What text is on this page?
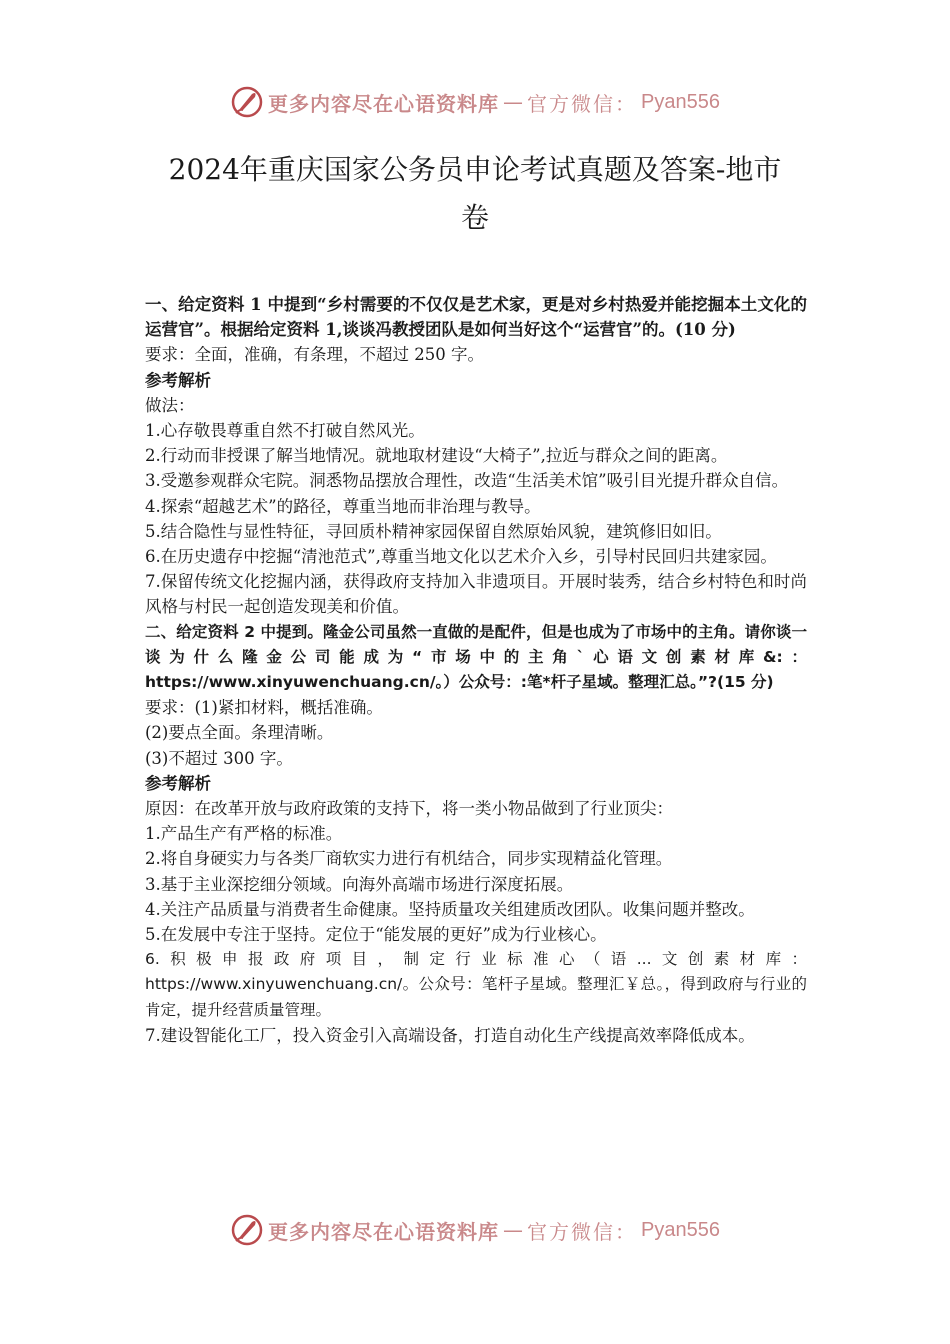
更多内容尽在心语资料库 — 官方微信： Pyan556
2024年重庆国家公务员申论考试真题及答案-地市
卷

一、给定资料 1 中提到“乡村需要的不仅仅是艺术家，更是对乡村热爱并能挖掘本土文化的运营官”。根据给定资料 1,谈谈冯教授团队是如何当好这个“运营官”的。(10 分)

要求：全面，准确，有条理，不超过 250 字。

参考解析

做法：

1.心存敬畏尊重自然不打破自然风光。

2.行动而非授课了解当地情况。就地取材建设“大椅子”,拉近与群众之间的距离。

3.受邀参观群众宅院。洞悉物品摆放合理性，改造“生活美术馆”吸引目光提升群众自信。

4.探索“超越艺术”的路径，尊重当地而非治理与教导。

5.结合隐性与显性特征，寻回质朴精神家园保留自然原始风貌，建筑修旧如旧。

6.在历史遗存中挖掘“清池范式”,尊重当地文化以艺术介入乡，引导村民回归共建家园。

7.保留传统文化挖掘内涵，获得政府支持加入非遗项目。开展时装秀，结合乡村特色和时尚风格与村民一起创造发现美和价值。

二、给定资料 2 中提到。隆金公司虽然一直做的是配件，但是也成为了市场中的主角。请你谈一谈为什么隆金公司能成为“市场中的主角`心语文创素材库&:：https://www.xinyuwenchuang.cn/。）公众号：:笔*杆子星域。整理汇总。”?(15 分)

要求：(1)紧扣材料，概括准确。

(2)要点全面。条理清晰。

(3)不超过 300 字。

参考解析

原因：在改革开放与政府政策的支持下，将一类小物品做到了行业顶尖：

1.产品生产有严格的标准。

2.将自身硬实力与各类厂商软实力进行有机结合，同步实现精益化管理。

3.基于主业深挖细分领域。向海外高端市场进行深度拓展。

4.关注产品质量与消费者生命健康。坚持质量攻关组建质改团队。收集问题并整改。

5.在发展中专注于坚持。定位于“能发展的更好”成为行业核心。

6.积极申报政府项目，制定行业标准心（语...文创素材库：https://www.xinyuwenchuang.cn/。公众号：笔杆子星域。整理汇￥总。，得到政府与行业的肯定，提升经营质量管理。

7.建设智能化工厂，投入资金引入高端设备，打造自动化生产线提高效率降低成本。

更多内容尽在心语资料库 — 官方微信： Pyan556
